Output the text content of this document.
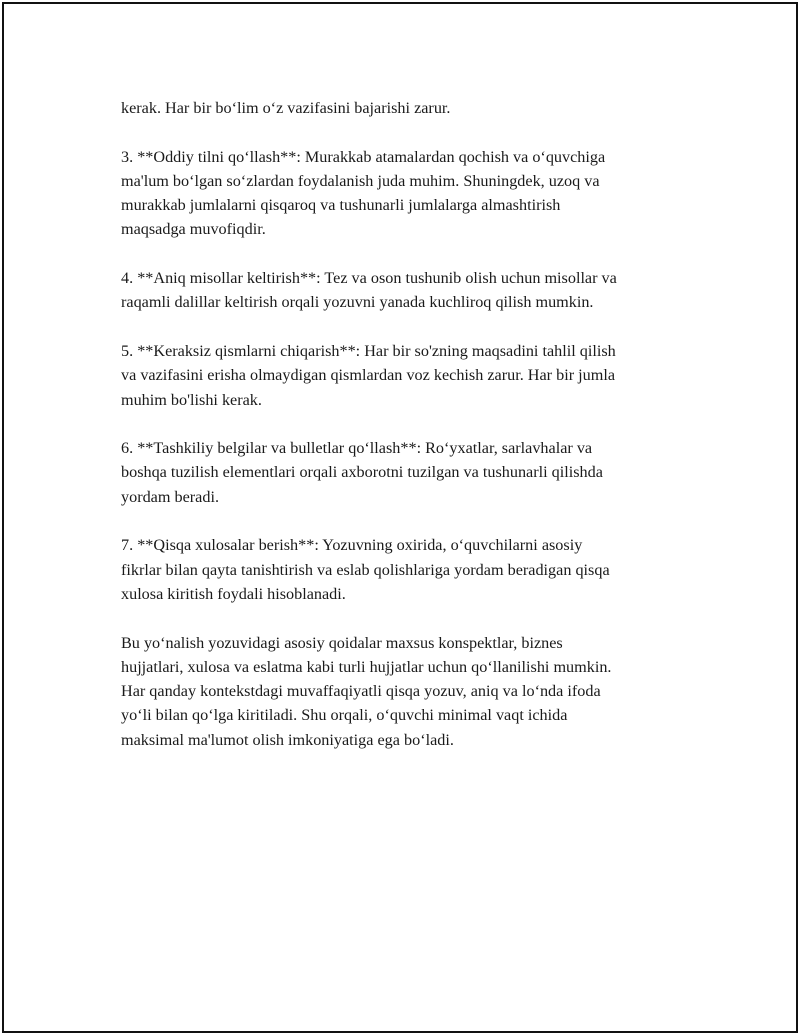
kerak. Har bir bo‘lim o‘z vazifasini bajarishi zarur.

3. **Oddiy tilni qo‘llash**: Murakkab atamalardan qochish va o‘quvchiga
ma'lum bo‘lgan so‘zlardan foydalanish juda muhim. Shuningdek, uzoq va
murakkab jumlalarni qisqaroq va tushunarli jumlalarga almashtirish
maqsadga muvofiqdir.

4. **Aniq misollar keltirish**: Tez va oson tushunib olish uchun misollar va
raqamli dalillar keltirish orqali yozuvni yanada kuchliroq qilish mumkin.

5. **Keraksiz qismlarni chiqarish**: Har bir so'zning maqsadini tahlil qilish
va vazifasini erisha olmaydigan qismlardan voz kechish zarur. Har bir jumla
muhim bo'lishi kerak.

6. **Tashkiliy belgilar va bulletlar qo‘llash**: Ro‘yxatlar, sarlavhalar va
boshqa tuzilish elementlari orqali axborotni tuzilgan va tushunarli qilishda
yordam beradi.

7. **Qisqa xulosalar berish**: Yozuvning oxirida, o‘quvchilarni asosiy
fikrlar bilan qayta tanishtirish va eslab qolishlariga yordam beradigan qisqa
xulosa kiritish foydali hisoblanadi.

Bu yo‘nalish yozuvidagi asosiy qoidalar maxsus konspektlar, biznes
hujjatlari, xulosa va eslatma kabi turli hujjatlar uchun qo‘llanilishi mumkin.
Har qanday kontekstdagi muvaffaqiyatli qisqa yozuv, aniq va lo‘nda ifoda
yo‘li bilan qo‘lga kiritiladi. Shu orqali, o‘quvchi minimal vaqt ichida
maksimal ma'lumot olish imkoniyatiga ega bo‘ladi.
